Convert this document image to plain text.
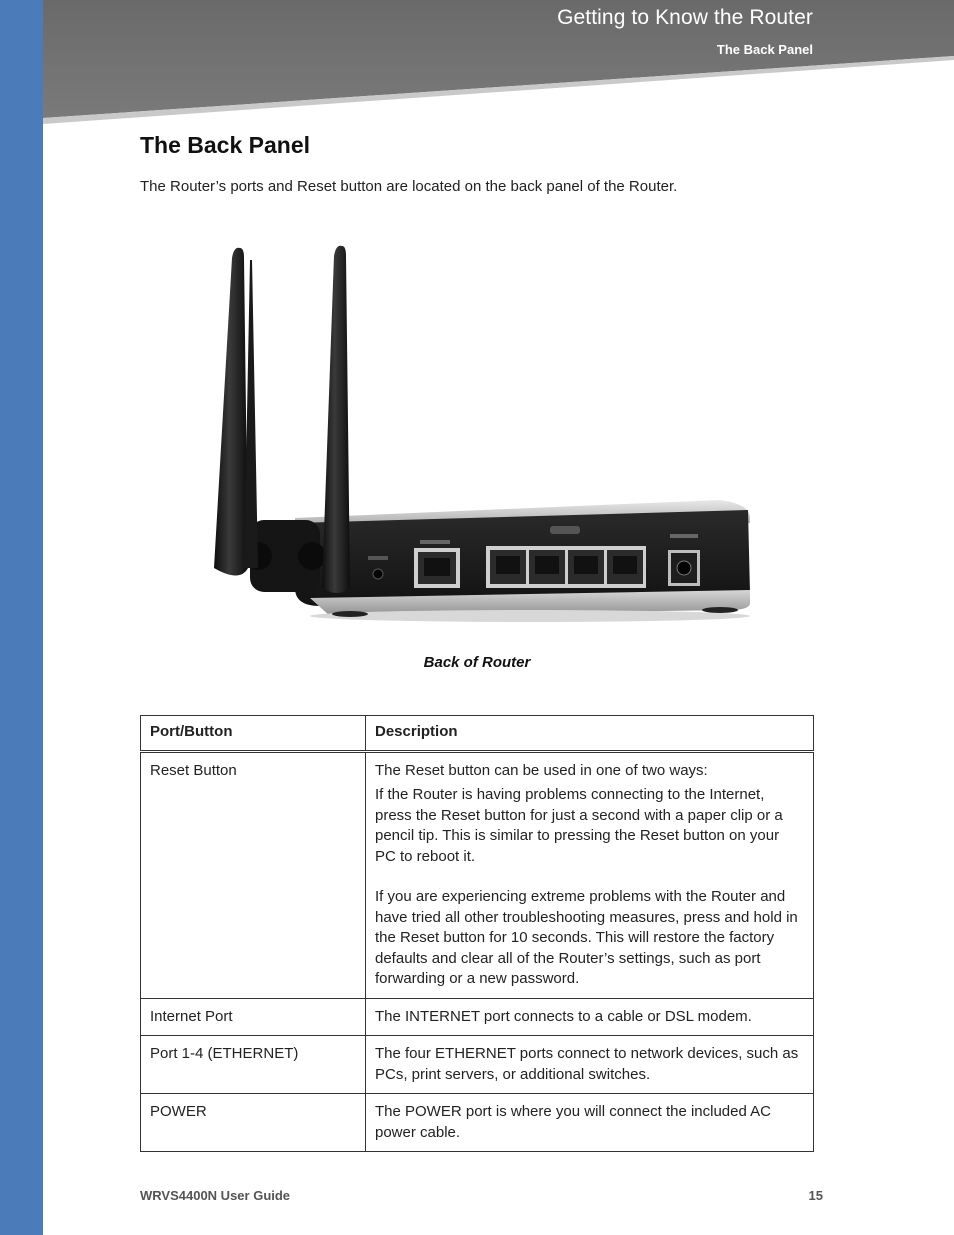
Getting to Know the Router
The Back Panel
The Back Panel
The Router’s ports and Reset button are located on the back panel of the Router.
Back of Router
Port/Button	Description
Reset Button	The Reset button can be used in one of two ways:

If the Router is having problems connecting to the Internet, press the Reset button for just a second with a paper clip or a pencil tip. This is similar to pressing the Reset button on your PC to reboot it.

If you are experiencing extreme problems with the Router and have tried all other troubleshooting measures, press and hold in the Reset button for 10 seconds. This will restore the factory defaults and clear all of the Router’s settings, such as port forwarding or a new password.

Internet Port	The INTERNET port connects to a cable or DSL modem.

Port 1-4 (ETHERNET)	The four ETHERNET ports connect to network devices, such as PCs, print servers, or additional switches.

POWER	The POWER port is where you will connect the included AC power cable.

WRVS4400N User Guide	15
